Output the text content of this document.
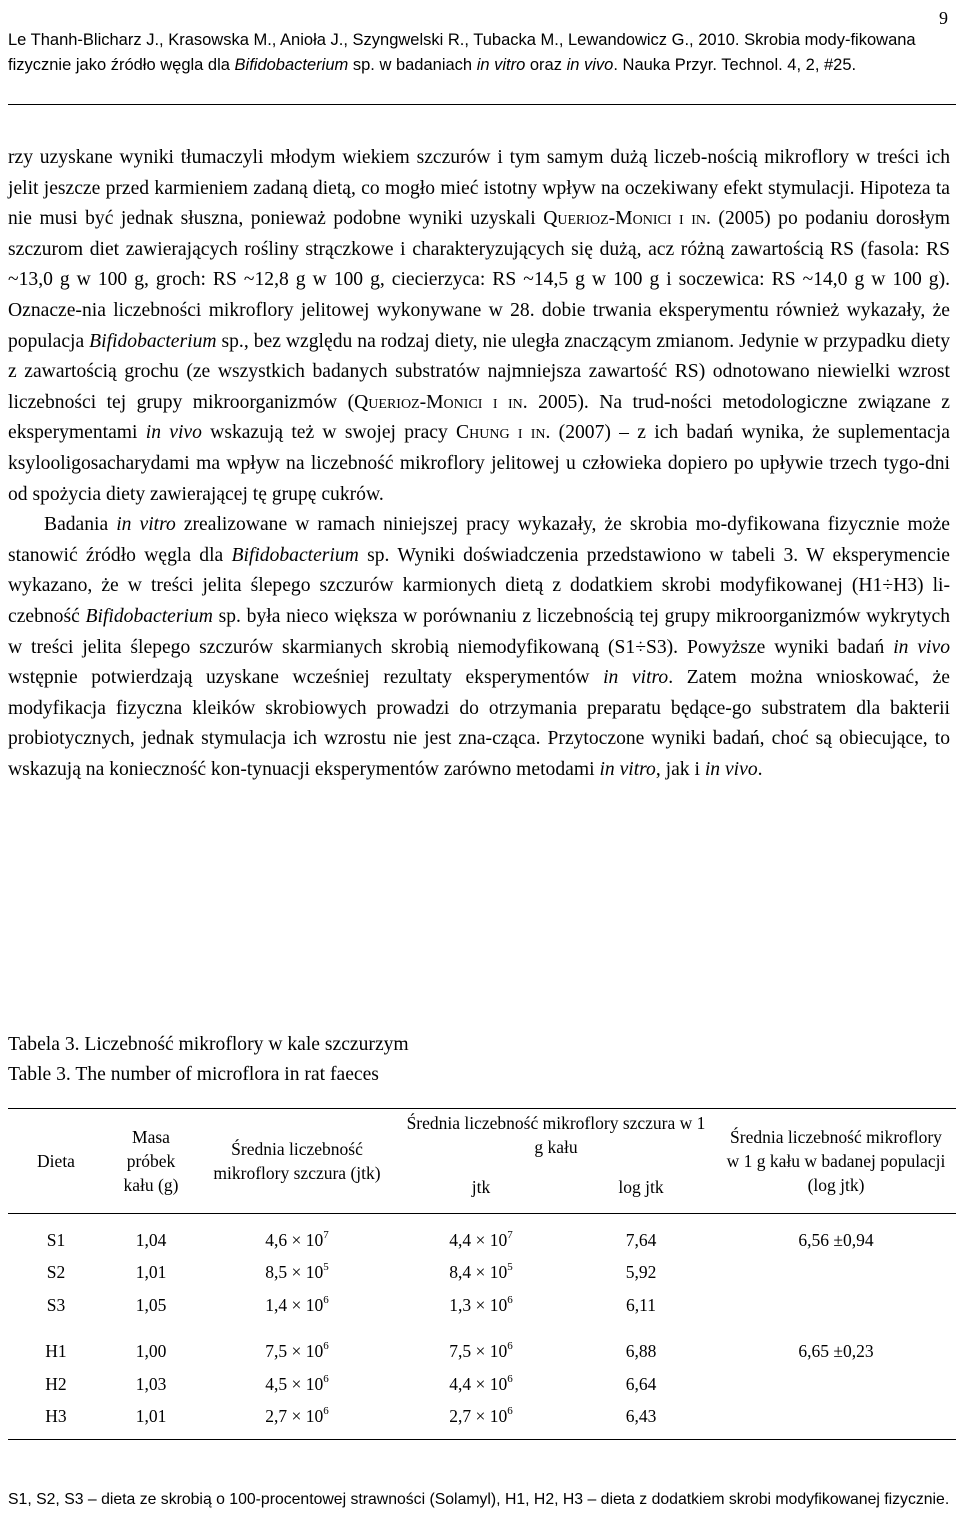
9
Le Thanh-Blicharz J., Krasowska M., Anioła J., Szyngwelski R., Tubacka M., Lewandowicz G., 2010. Skrobia mody-fikowana fizycznie jako źródło węgla dla Bifidobacterium sp. w badaniach in vitro oraz in vivo. Nauka Przyr. Technol. 4, 2, #25.

rzy uzyskane wyniki tłumaczyli młodym wiekiem szczurów i tym samym dużą liczeb-nością mikroflory w treści ich jelit jeszcze przed karmieniem zadaną dietą, co mogło mieć istotny wpływ na oczekiwany efekt stymulacji. Hipoteza ta nie musi być jednak słuszna, ponieważ podobne wyniki uzyskali Querioz-Monici i in. (2005) po podaniu dorosłym szczurom diet zawierających rośliny strączkowe i charakteryzujących się dużą, acz różną zawartością RS (fasola: RS ~13,0 g w 100 g, groch: RS ~12,8 g w 100 g, ciecierzyca: RS ~14,5 g w 100 g i soczewica: RS ~14,0 g w 100 g). Oznacze-nia liczebności mikroflory jelitowej wykonywane w 28. dobie trwania eksperymentu również wykazały, że populacja Bifidobacterium sp., bez względu na rodzaj diety, nie uległa znaczącym zmianom. Jedynie w przypadku diety z zawartością grochu (ze wszystkich badanych substratów najmniejsza zawartość RS) odnotowano niewielki wzrost liczebności tej grupy mikroorganizmów (Querioz-Monici i in. 2005). Na trud-ności metodologiczne związane z eksperymentami in vivo wskazują też w swojej pracy Chung i in. (2007) – z ich badań wynika, że suplementacja ksylooligosacharydami ma wpływ na liczebność mikroflory jelitowej u człowieka dopiero po upływie trzech tygo-dni od spożycia diety zawierającej tę grupę cukrów.

Badania in vitro zrealizowane w ramach niniejszej pracy wykazały, że skrobia mo-dyfikowana fizycznie może stanowić źródło węgla dla Bifidobacterium sp. Wyniki doświadczenia przedstawiono w tabeli 3. W eksperymencie wykazano, że w treści jelita ślepego szczurów karmionych dietą z dodatkiem skrobi modyfikowanej (H1÷H3) li-czebność Bifidobacterium sp. była nieco większa w porównaniu z liczebnością tej grupy mikroorganizmów wykrytych w treści jelita ślepego szczurów skarmianych skrobią niemodyfikowaną (S1÷S3). Powyższe wyniki badań in vivo wstępnie potwierdzają uzyskane wcześniej rezultaty eksperymentów in vitro. Zatem można wnioskować, że modyfikacja fizyczna kleików skrobiowych prowadzi do otrzymania preparatu będące-go substratem dla bakterii probiotycznych, jednak stymulacja ich wzrostu nie jest zna-cząca. Przytoczone wyniki badań, choć są obiecujące, to wskazują na konieczność kon-tynuacji eksperymentów zarówno metodami in vitro, jak i in vivo.

Tabela 3. Liczebność mikroflory w kale szczurzym
Table 3. The number of microflora in rat faeces
Dieta	Masa próbek kału (g)	Średnia liczebność mikroflory szczura (jtk)	Średnia liczebność mikroflory szczura w 1 g kału		Średnia liczebność mikroflory w 1 g kału w badanej populacji (log jtk)
			jtk	log jtk	
S1	1,04	$4,6 \times 10^7$	$4,4 \times 10^7$	7,64	6,56 ±0,94
S2	1,01	$8,5 \times 10^5$	$8,4 \times 10^5$	5,92	
S3	1,05	$1,4 \times 10^6$	$1,3 \times 10^6$	6,11	

H1	1,00	$7,5 \times 10^6$	$7,5 \times 10^6$	6,88	6,65 ±0,23
H2	1,03	$4,5 \times 10^6$	$4,4 \times 10^6$	6,64	
H3	1,01	$2,7 \times 10^6$	$2,7 \times 10^6$	6,43	
S1, S2, S3 – dieta ze skrobią o 100-procentowej strawności (Solamyl), H1, H2, H3 – dieta z dodatkiem skrobi modyfikowanej fizycznie.
